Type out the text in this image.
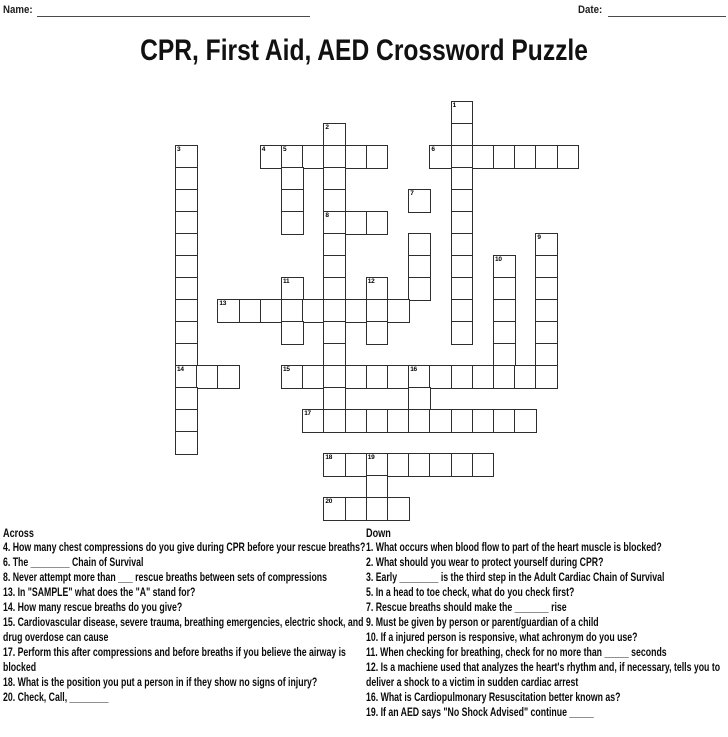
Name:	Date:
CPR, First Aid, AED Crossword Puzzle
1
2
3	4	5	6
7
8
9
10
11	12
13
14	15	16
17
18	19
20
Across
4. How many chest compressions do you give during CPR before your rescue breaths?
6. The ________ Chain of Survival
8. Never attempt more than ___ rescue breaths between sets of compressions
13. In "SAMPLE" what does the "A" stand for?
14. How many rescue breaths do you give?
15. Cardiovascular disease, severe trauma, breathing emergencies, electric shock, and drug overdose can cause
17. Perform this after compressions and before breaths if you believe the airway is blocked
18. What is the position you put a person in if they show no signs of injury?
20. Check, Call, ________
Down
1. What occurs when blood flow to part of the heart muscle is blocked?
2. What should you wear to protect yourself during CPR?
3. Early ________ is the third step in the Adult Cardiac Chain of Survival
5. In a head to toe check, what do you check first?
7. Rescue breaths should make the _______ rise
9. Must be given by person or parent/guardian of a child
10. If a injured person is responsive, what achronym do you use?
11. When checking for breathing, check for no more than _____ seconds
12. Is a machiene used that analyzes the heart's rhythm and, if necessary, tells you to deliver a shock to a victim in sudden cardiac arrest
16. What is Cardiopulmonary Resuscitation better known as?
19. If an AED says "No Shock Advised" continue _____
